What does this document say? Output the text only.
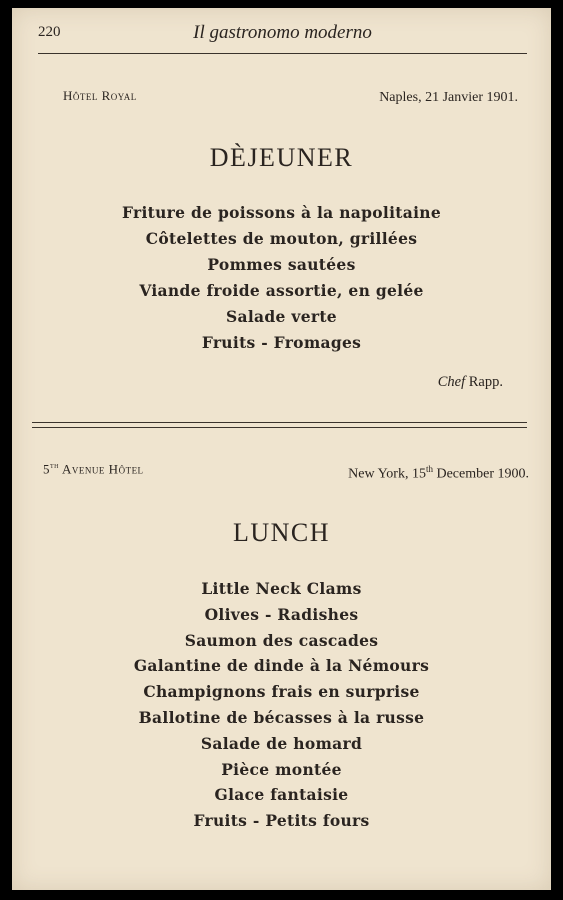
220	Il gastronomo moderno
Hôtel Royal	Naples, 21 Janvier 1901.
DÈJEUNER
Friture de poissons à la napolitaine
Côtelettes de mouton, grillées
Pommes sautées
Viande froide assortie, en gelée
Salade verte
Fruits - Fromages
Chef Rapp.
5th Avenue Hôtel	New York, 15th December 1900.
LUNCH
Little Neck Clams
Olives - Radishes
Saumon des cascades
Galantine de dinde à la Némours
Champignons frais en surprise
Ballotine de bécasses à la russe
Salade de homard
Pièce montée
Glace fantaisie
Fruits - Petits fours
